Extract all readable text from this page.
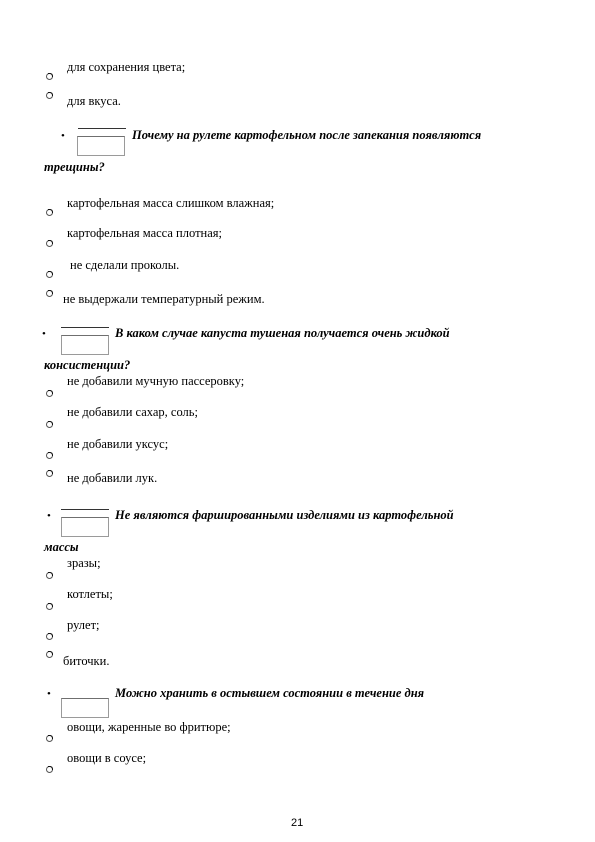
для сохранения цвета;
для вкуса.
•	Почему на рулете картофельном после запекания появляются
трещины?
картофельная масса слишком влажная;
картофельная масса плотная;
не сделали проколы.
не выдержали температурный режим.
•	В каком случае капуста тушеная получается очень жидкой
консистенции?
не добавили мучную пассеровку;
не добавили сахар, соль;
не добавили уксус;
не добавили лук.
•	Не являются фаршированными изделиями из картофельной
массы
зразы;
котлеты;
рулет;
биточки.
•	Можно хранить в остывшем состоянии в течение дня
овощи, жаренные во фритюре;
овощи в соусе;
21
